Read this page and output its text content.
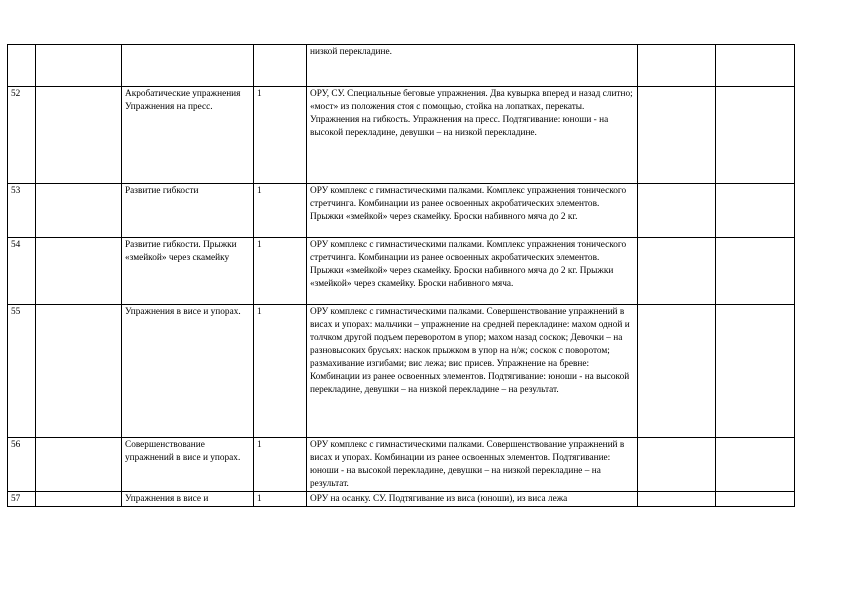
				низкой перекладине.		
52		Акробатические упражнения Упражнения на пресс.	1	ОРУ, СУ. Специальные беговые упражнения. Два кувырка вперед и назад слитно; «мост» из положения стоя с помощью, стойка на лопатках, перекаты. Упражнения на гибкость. Упражнения на пресс. Подтягивание: юноши - на высокой перекладине, девушки – на низкой перекладине.		
53		Развитие гибкости	1	ОРУ комплекс с гимнастическими палками. Комплекс упражнения тонического стретчинга. Комбинации из ранее освоенных акробатических элементов. Прыжки «змейкой» через скамейку. Броски набивного мяча до 2 кг.		
54		Развитие гибкости. Прыжки «змейкой» через скамейку	1	ОРУ комплекс с гимнастическими палками. Комплекс упражнения тонического стретчинга. Комбинации из ранее освоенных акробатических элементов. Прыжки «змейкой» через скамейку. Броски набивного мяча до 2 кг. Прыжки «змейкой» через скамейку. Броски набивного мяча.		
55		Упражнения в висе и упорах.	1	ОРУ комплекс с гимнастическими палками. Совершенствование упражнений в висах и упорах: мальчики – упражнение на средней перекладине: махом одной и толчком другой подъем переворотом в упор; махом назад соскок; Девочки – на разновысоких брусьях: наскок прыжком в упор на н/ж; соскок с поворотом; размахивание изгибами; вис лежа; вис присев. Упражнение на бревне: Комбинации из ранее освоенных элементов. Подтягивание: юноши - на высокой перекладине, девушки – на низкой перекладине – на результат.		
56		Совершенствование упражнений в висе и упорах.	1	ОРУ комплекс с гимнастическими палками. Совершенствование упражнений в висах и упорах. Комбинации из ранее освоенных элементов. Подтягивание: юноши - на высокой перекладине, девушки – на низкой перекладине – на результат.		
57		Упражнения в висе и	1	ОРУ на осанку. СУ. Подтягивание из виса (юноши), из виса лежа		
